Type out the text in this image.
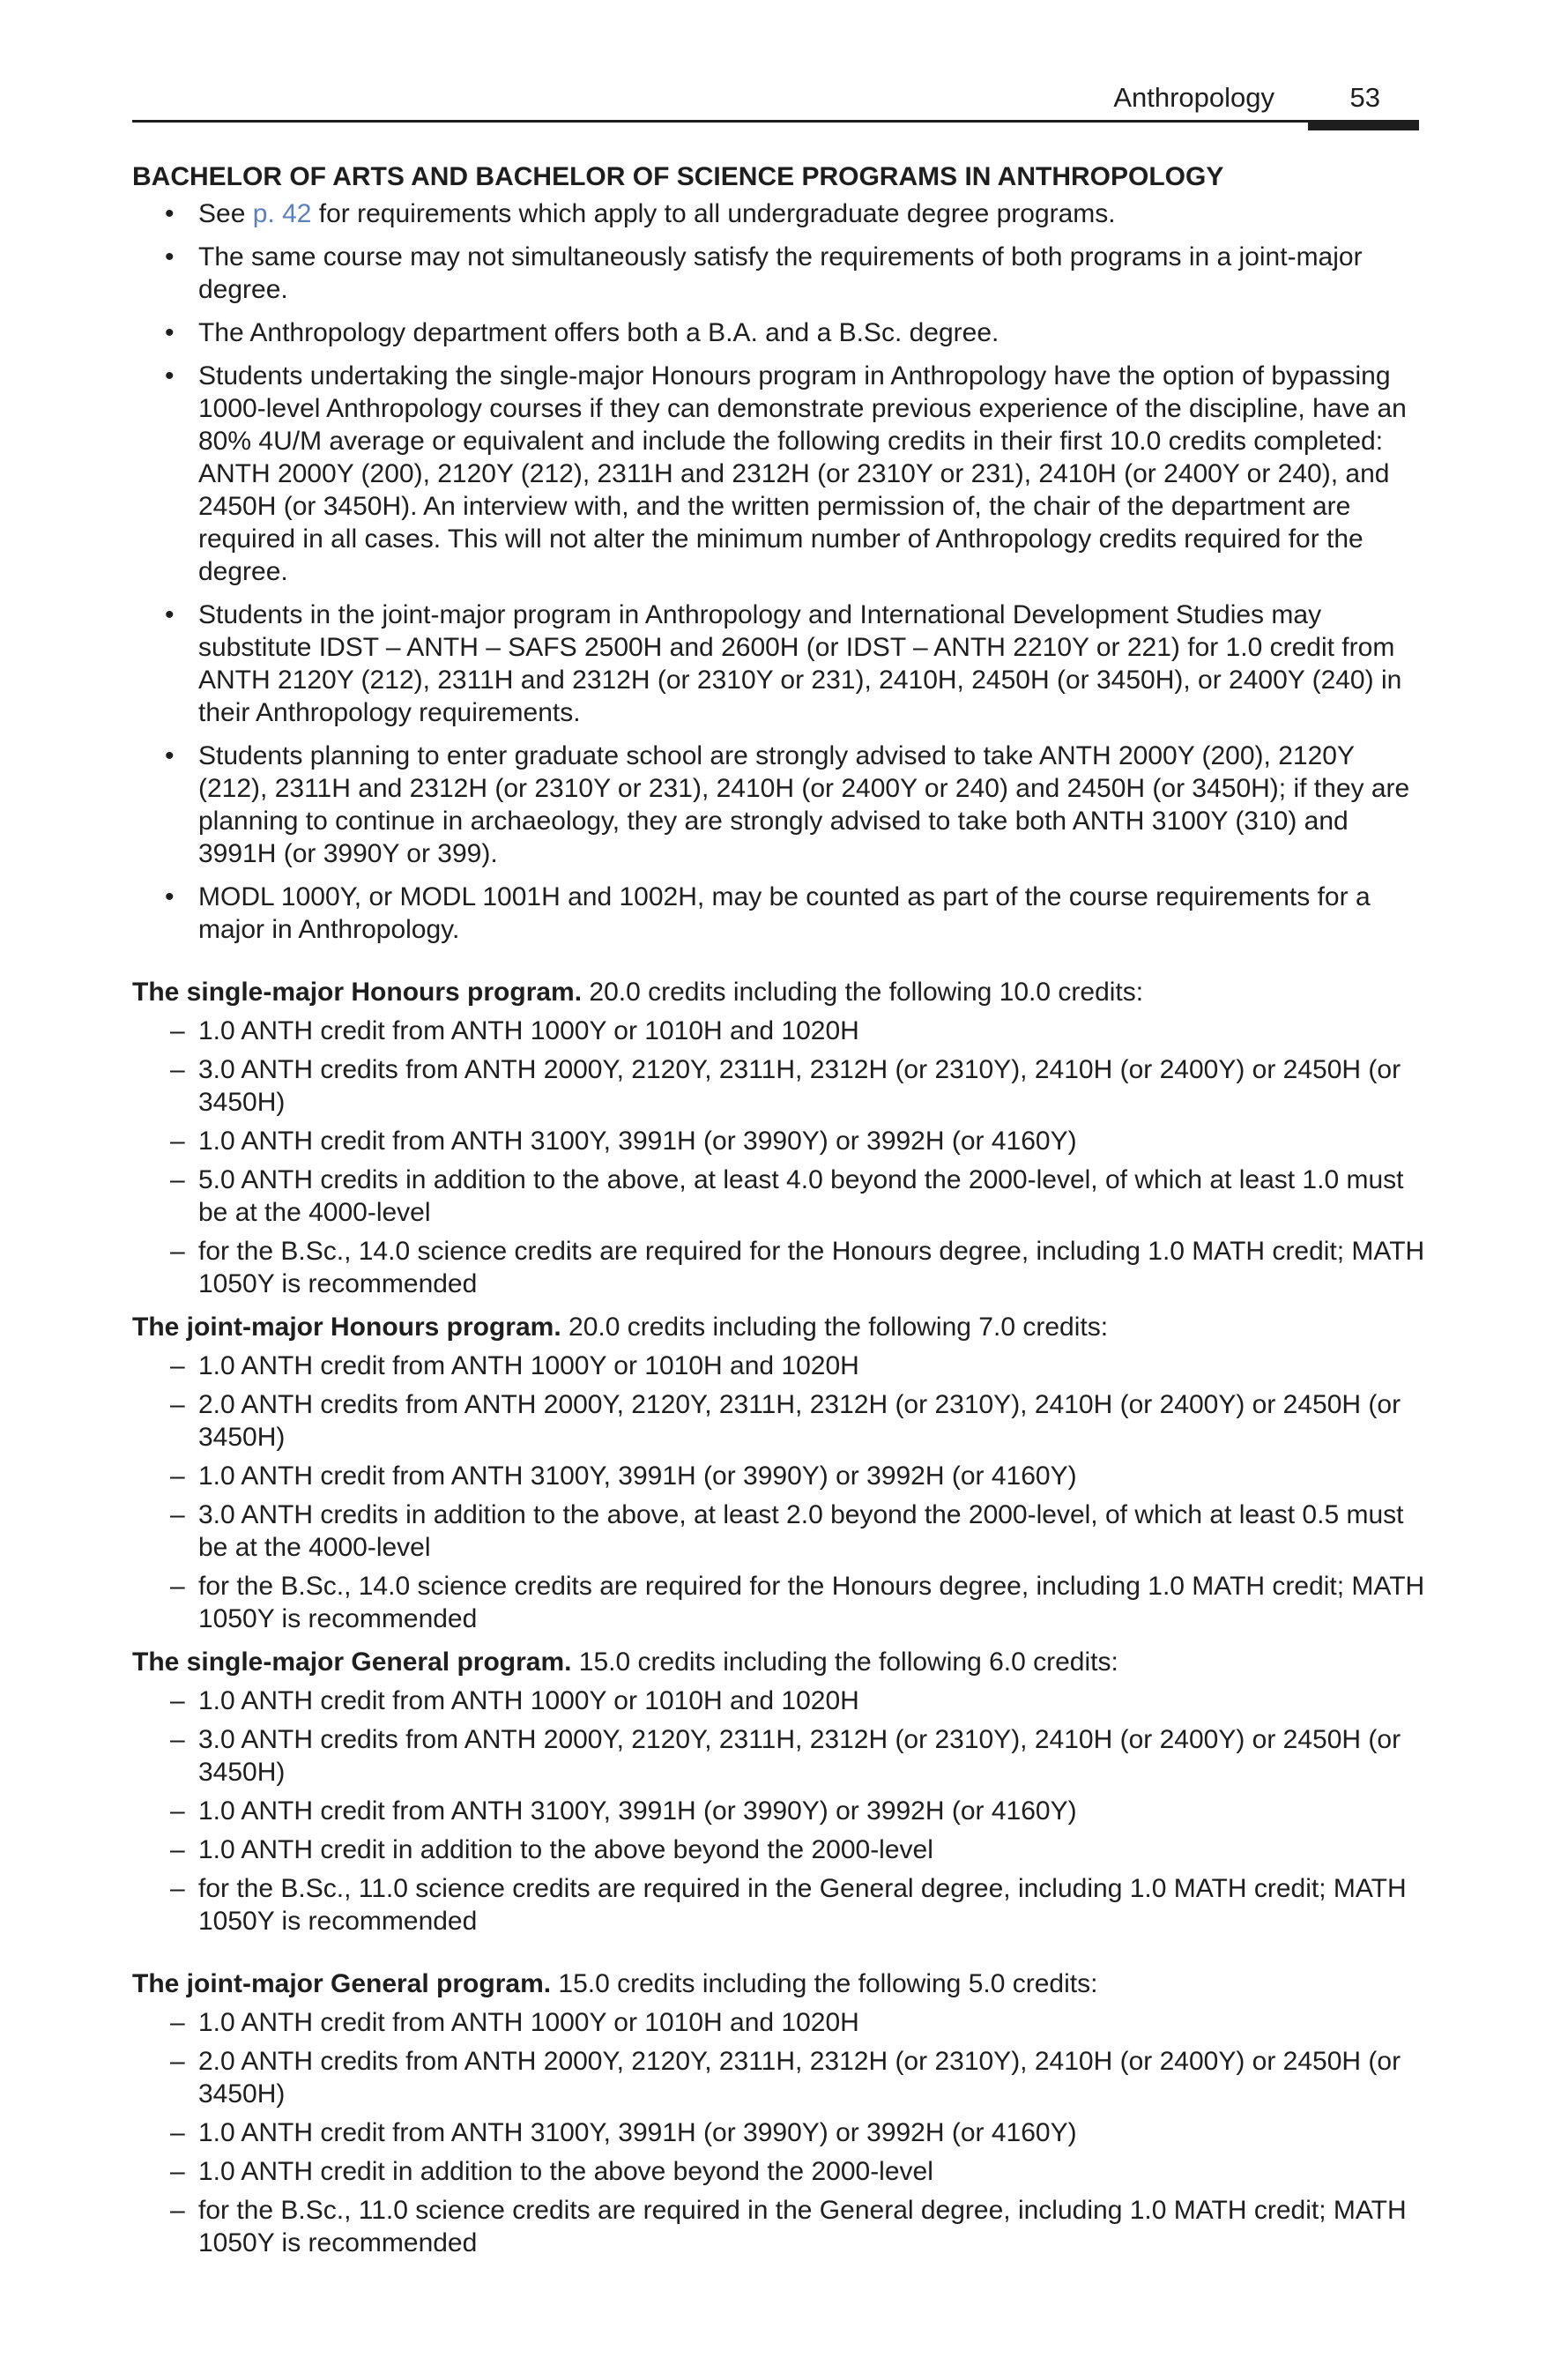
Anthropology	53

BACHELOR OF ARTS AND BACHELOR OF SCIENCE PROGRAMS IN ANTHROPOLOGY

• See p. 42 for requirements which apply to all undergraduate degree programs.
• The same course may not simultaneously satisfy the requirements of both programs in a joint-major degree.
• The Anthropology department offers both a B.A. and a B.Sc. degree.
• Students undertaking the single-major Honours program in Anthropology have the option of bypassing 1000-level Anthropology courses if they can demonstrate previous experience of the discipline, have an 80% 4U/M average or equivalent and include the following credits in their first 10.0 credits completed: ANTH 2000Y (200), 2120Y (212), 2311H and 2312H (or 2310Y or 231), 2410H (or 2400Y or 240), and 2450H (or 3450H). An interview with, and the written permission of, the chair of the department are required in all cases. This will not alter the minimum number of Anthropology credits required for the degree.
• Students in the joint-major program in Anthropology and International Development Studies may substitute IDST – ANTH – SAFS 2500H and 2600H (or IDST – ANTH 2210Y or 221) for 1.0 credit from ANTH 2120Y (212), 2311H and 2312H (or 2310Y or 231), 2410H, 2450H (or 3450H), or 2400Y (240) in their Anthropology requirements.
• Students planning to enter graduate school are strongly advised to take ANTH 2000Y (200), 2120Y (212), 2311H and 2312H (or 2310Y or 231), 2410H (or 2400Y or 240) and 2450H (or 3450H); if they are planning to continue in archaeology, they are strongly advised to take both ANTH 3100Y (310) and 3991H (or 3990Y or 399).
• MODL 1000Y, or MODL 1001H and 1002H, may be counted as part of the course requirements for a major in Anthropology.

The single-major Honours program. 20.0 credits including the following 10.0 credits:

– 1.0 ANTH credit from ANTH 1000Y or 1010H and 1020H
– 3.0 ANTH credits from ANTH 2000Y, 2120Y, 2311H, 2312H (or 2310Y), 2410H (or 2400Y) or 2450H (or 3450H)
– 1.0 ANTH credit from ANTH 3100Y, 3991H (or 3990Y) or 3992H (or 4160Y)
– 5.0 ANTH credits in addition to the above, at least 4.0 beyond the 2000-level, of which at least 1.0 must be at the 4000-level
– for the B.Sc., 14.0 science credits are required for the Honours degree, including 1.0 MATH credit; MATH 1050Y is recommended

The joint-major Honours program. 20.0 credits including the following 7.0 credits:

– 1.0 ANTH credit from ANTH 1000Y or 1010H and 1020H
– 2.0 ANTH credits from ANTH 2000Y, 2120Y, 2311H, 2312H (or 2310Y), 2410H (or 2400Y) or 2450H (or 3450H)
– 1.0 ANTH credit from ANTH 3100Y, 3991H (or 3990Y) or 3992H (or 4160Y)
– 3.0 ANTH credits in addition to the above, at least 2.0 beyond the 2000-level, of which at least 0.5 must be at the 4000-level
– for the B.Sc., 14.0 science credits are required for the Honours degree, including 1.0 MATH credit; MATH 1050Y is recommended

The single-major General program. 15.0 credits including the following 6.0 credits:

– 1.0 ANTH credit from ANTH 1000Y or 1010H and 1020H
– 3.0 ANTH credits from ANTH 2000Y, 2120Y, 2311H, 2312H (or 2310Y), 2410H (or 2400Y) or 2450H (or 3450H)
– 1.0 ANTH credit from ANTH 3100Y, 3991H (or 3990Y) or 3992H (or 4160Y)
– 1.0 ANTH credit in addition to the above beyond the 2000-level
– for the B.Sc., 11.0 science credits are required in the General degree, including 1.0 MATH credit; MATH 1050Y is recommended

The joint-major General program. 15.0 credits including the following 5.0 credits:

– 1.0 ANTH credit from ANTH 1000Y or 1010H and 1020H
– 2.0 ANTH credits from ANTH 2000Y, 2120Y, 2311H, 2312H (or 2310Y), 2410H (or 2400Y) or 2450H (or 3450H)
– 1.0 ANTH credit from ANTH 3100Y, 3991H (or 3990Y) or 3992H (or 4160Y)
– 1.0 ANTH credit in addition to the above beyond the 2000-level
– for the B.Sc., 11.0 science credits are required in the General degree, including 1.0 MATH credit; MATH 1050Y is recommended
